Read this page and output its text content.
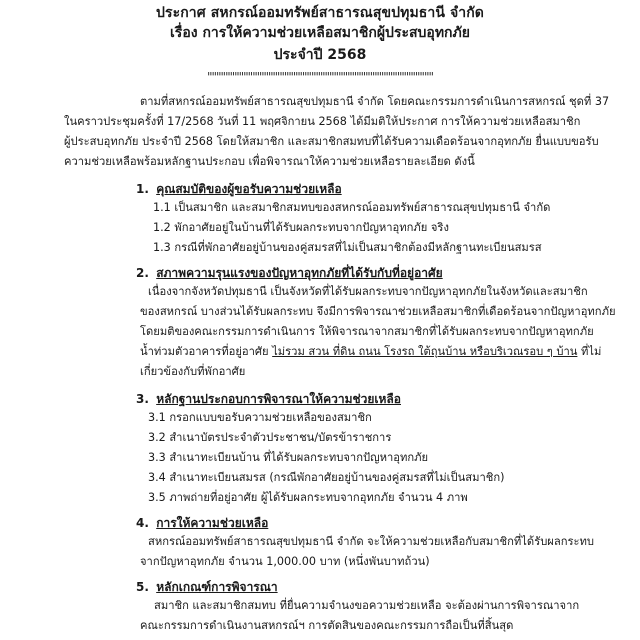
ประกาศ สหกรณ์ออมทรัพย์สาธารณสุขปทุมธานี จำกัด
เรื่อง การให้ความช่วยเหลือสมาชิกผู้ประสบอุทกภัย
ประจำปี 2568
""""""""""""""""""""""""""""""""""""""""""""""""""
ตามที่สหกรณ์ออมทรัพย์สาธารณสุขปทุมธานี จำกัด โดยคณะกรรมการดำเนินการสหกรณ์ ชุดที่ 37
ในคราวประชุมครั้งที่ 17/2568 วันที่ 11 พฤศจิกายน 2568 ได้มีมติให้ประกาศ การให้ความช่วยเหลือสมาชิก
ผู้ประสบอุทกภัย ประจำปี 2568 โดยให้สมาชิก และสมาชิกสมทบที่ได้รับความเดือดร้อนจากอุทกภัย ยื่นแบบขอรับ
ความช่วยเหลือพร้อมหลักฐานประกอบ เพื่อพิจารณาให้ความช่วยเหลือรายละเอียด ดังนี้
1. คุณสมบัติของผู้ขอรับความช่วยเหลือ
1.1 เป็นสมาชิก และสมาชิกสมทบของสหกรณ์ออมทรัพย์สาธารณสุขปทุมธานี จำกัด
1.2 พักอาศัยอยู่ในบ้านที่ได้รับผลกระทบจากปัญหาอุทกภัย จริง
1.3 กรณีที่พักอาศัยอยู่บ้านของคู่สมรสที่ไม่เป็นสมาชิกต้องมีหลักฐานทะเบียนสมรส
2. สภาพความรุนแรงของปัญหาอุทกภัยที่ได้รับกับที่อยู่อาศัย
เนื่องจากจังหวัดปทุมธานี เป็นจังหวัดที่ได้รับผลกระทบจากปัญหาอุทกภัยในจังหวัดและสมาชิก
ของสหกรณ์ บางส่วนได้รับผลกระทบ จึงมีการพิจารณาช่วยเหลือสมาชิกที่เดือดร้อนจากปัญหาอุทกภัย
โดยมติของคณะกรรมการดำเนินการ ให้พิจารณาจากสมาชิกที่ได้รับผลกระทบจากปัญหาอุทกภัย
น้ำท่วมตัวอาคารที่อยู่อาศัย ไม่รวม สวน ที่ดิน ถนน โรงรถ ใต้ถุนบ้าน หรือบริเวณรอบ ๆ บ้าน ที่ไม่
เกี่ยวข้องกับที่พักอาศัย
3. หลักฐานประกอบการพิจารณาให้ความช่วยเหลือ
3.1 กรอกแบบขอรับความช่วยเหลือของสมาชิก
3.2 สำเนาบัตรประจำตัวประชาชน/บัตรข้าราชการ
3.3 สำเนาทะเบียนบ้าน ที่ได้รับผลกระทบจากปัญหาอุทกภัย
3.4 สำเนาทะเบียนสมรส (กรณีพักอาศัยอยู่บ้านของคู่สมรสที่ไม่เป็นสมาชิก)
3.5 ภาพถ่ายที่อยู่อาศัย ผู้ได้รับผลกระทบจากอุทกภัย จำนวน 4 ภาพ
4. การให้ความช่วยเหลือ
สหกรณ์ออมทรัพย์สาธารณสุขปทุมธานี จำกัด จะให้ความช่วยเหลือกับสมาชิกที่ได้รับผลกระทบ
จากปัญหาอุทกภัย จำนวน 1,000.00 บาท (หนึ่งพันบาทถ้วน)
5. หลักเกณฑ์การพิจารณา
สมาชิก และสมาชิกสมทบ ที่ยื่นความจำนงขอความช่วยเหลือ จะต้องผ่านการพิจารณาจาก
คณะกรรมการดำเนินงานสหกรณ์ฯ การตัดสินของคณะกรรมการถือเป็นที่สิ้นสุด
